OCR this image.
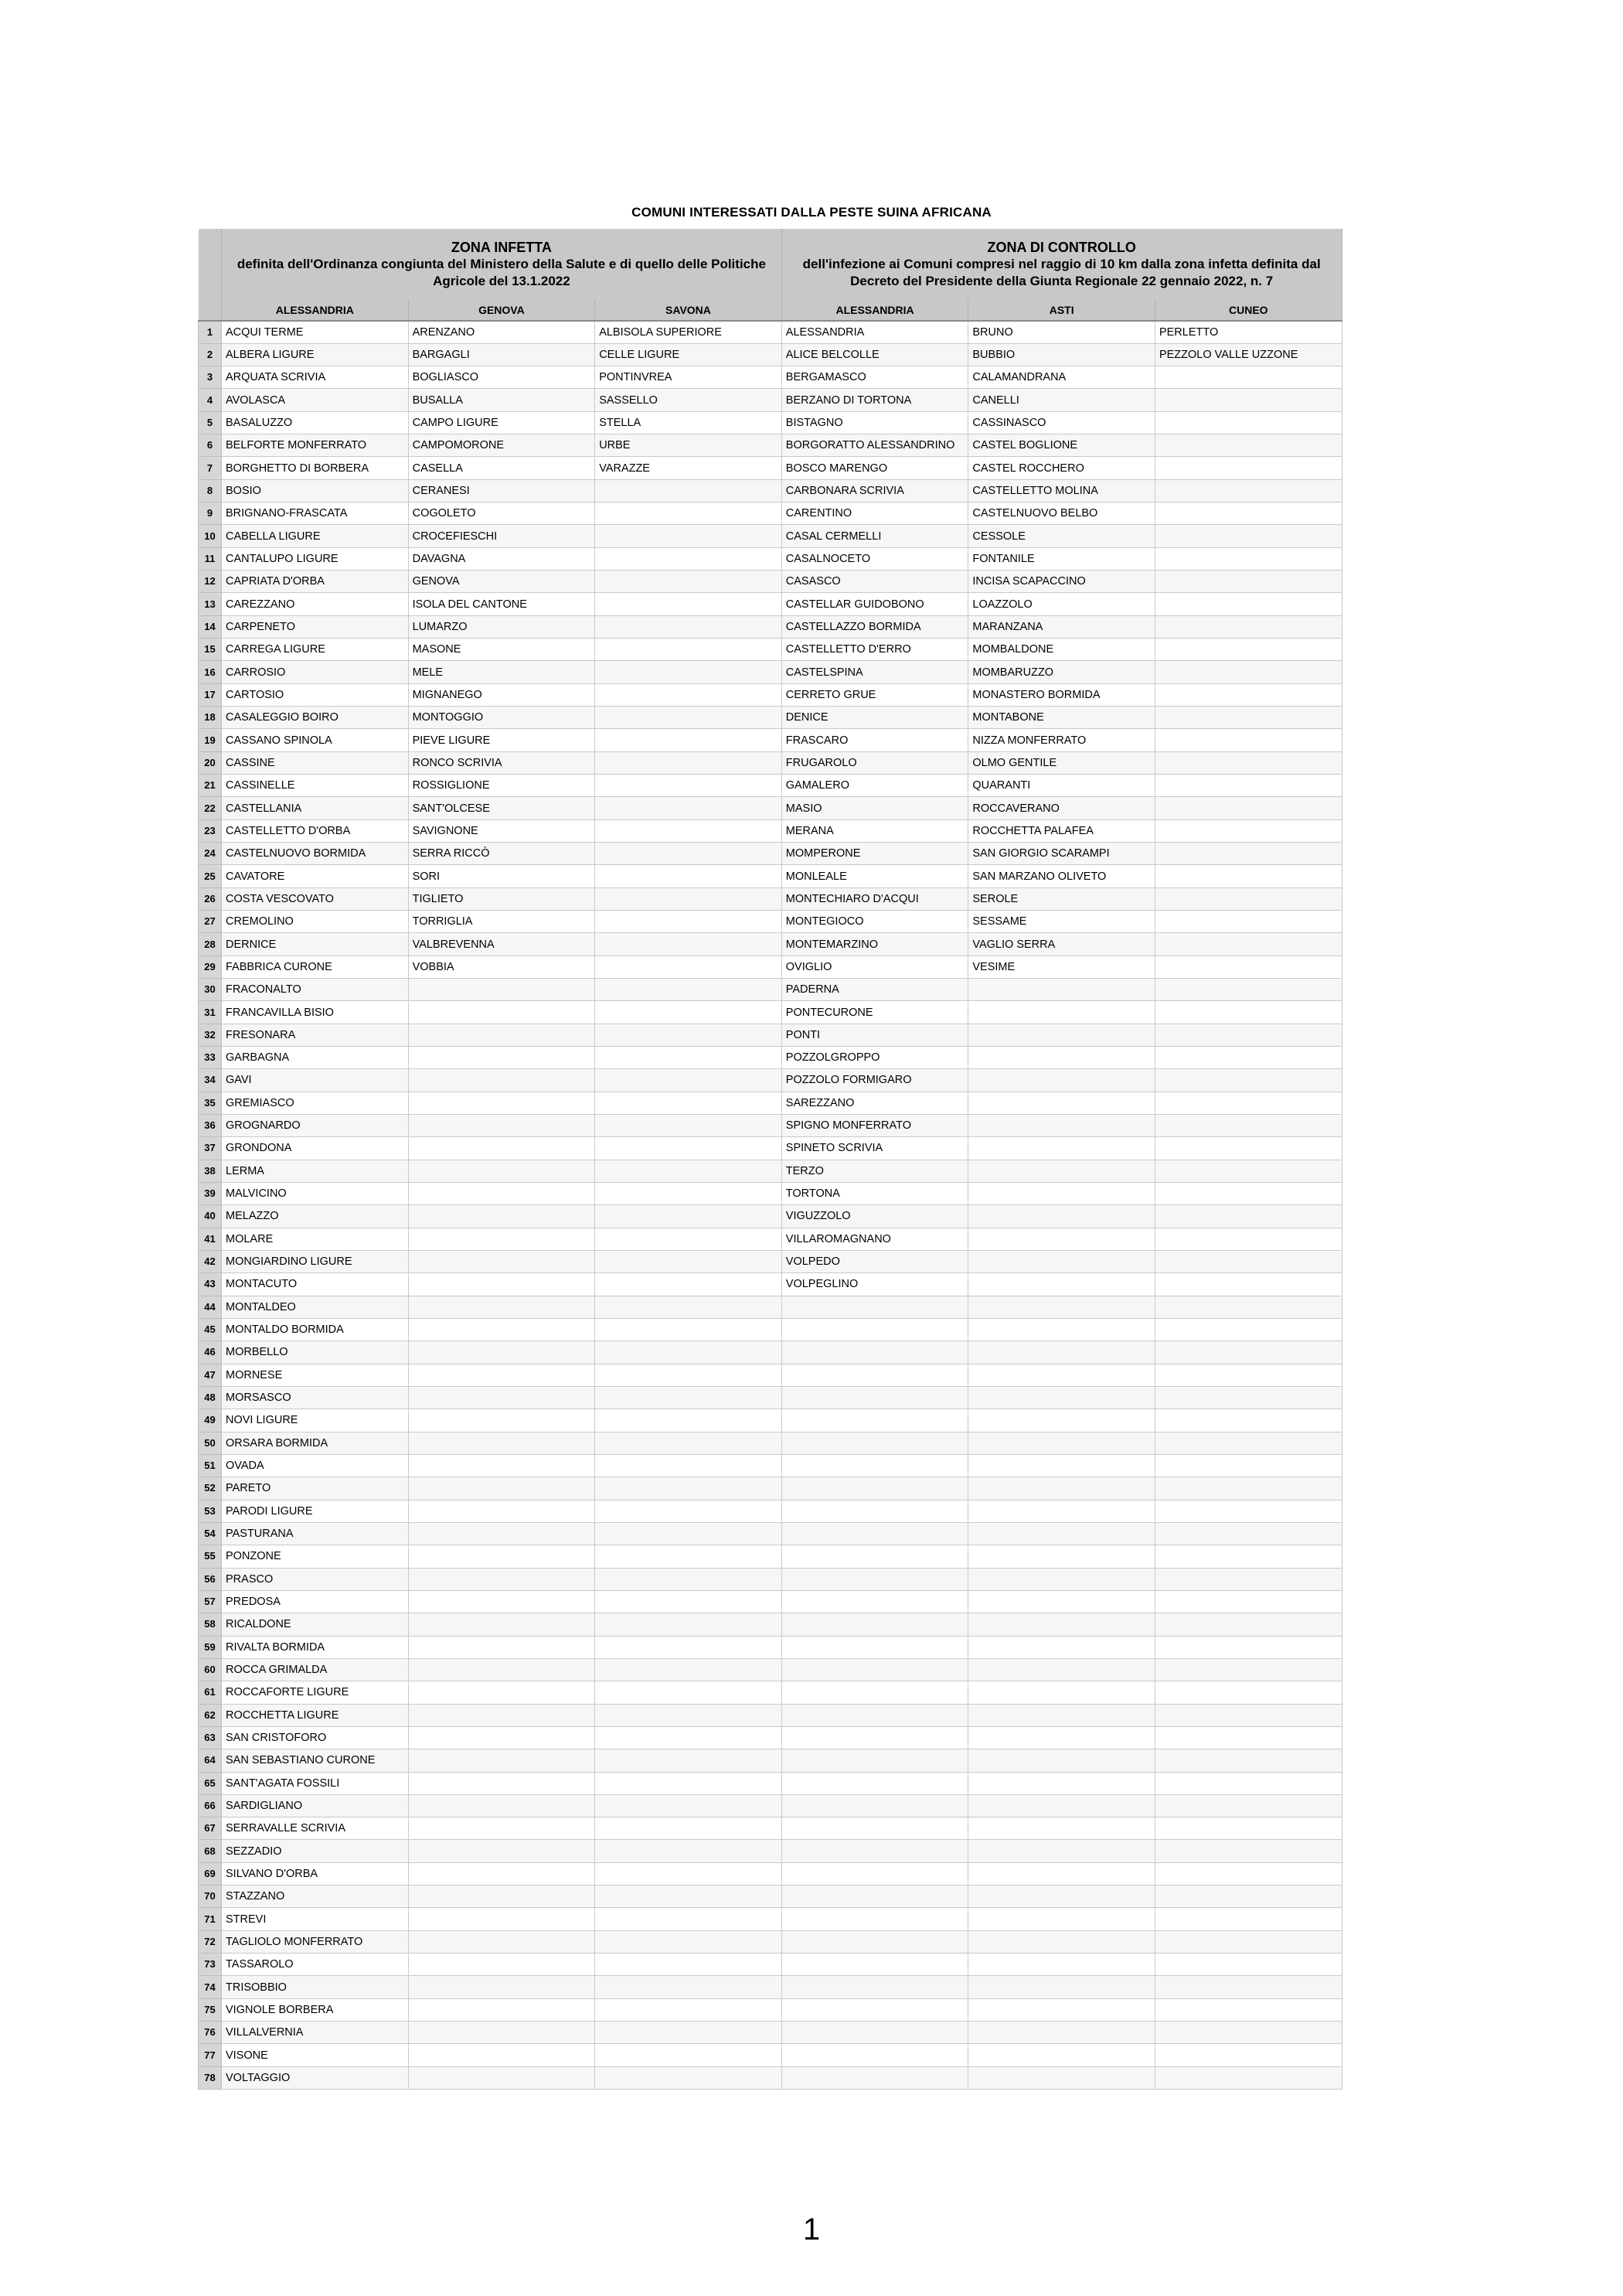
COMUNI INTERESSATI DALLA PESTE SUINA AFRICANA

	ZONA INFETTA
definita dell'Ordinanza congiunta del Ministero della Salute e di quello delle Politiche Agricole del 13.1.2022			ZONA DI CONTROLLO
dell'infezione ai Comuni compresi nel raggio di 10 km dalla zona infetta definita dal Decreto del Presidente della Giunta Regionale 22 gennaio 2022, n. 7		
	ALESSANDRIA	GENOVA	SAVONA	ALESSANDRIA	ASTI	CUNEO
1	ACQUI TERME	ARENZANO	ALBISOLA SUPERIORE	ALESSANDRIA	BRUNO	PERLETTO
2	ALBERA LIGURE	BARGAGLI	CELLE LIGURE	ALICE BELCOLLE	BUBBIO	PEZZOLO VALLE UZZONE
3	ARQUATA SCRIVIA	BOGLIASCO	PONTINVREA	BERGAMASCO	CALAMANDRANA	
4	AVOLASCA	BUSALLA	SASSELLO	BERZANO DI TORTONA	CANELLI	
5	BASALUZZO	CAMPO LIGURE	STELLA	BISTAGNO	CASSINASCO	
6	BELFORTE MONFERRATO	CAMPOMORONE	URBE	BORGORATTO ALESSANDRINO	CASTEL BOGLIONE	
7	BORGHETTO DI BORBERA	CASELLA	VARAZZE	BOSCO MARENGO	CASTEL ROCCHERO	
8	BOSIO	CERANESI		CARBONARA SCRIVIA	CASTELLETTO MOLINA	
9	BRIGNANO-FRASCATA	COGOLETO		CARENTINO	CASTELNUOVO BELBO	
10	CABELLA LIGURE	CROCEFIESCHI		CASAL CERMELLI	CESSOLE	
11	CANTALUPO LIGURE	DAVAGNA		CASALNOCETO	FONTANILE	
12	CAPRIATA D'ORBA	GENOVA		CASASCO	INCISA SCAPACCINO	
13	CAREZZANO	ISOLA DEL CANTONE		CASTELLAR GUIDOBONO	LOAZZOLO	
14	CARPENETO	LUMARZO		CASTELLAZZO BORMIDA	MARANZANA	
15	CARREGA LIGURE	MASONE		CASTELLETTO D'ERRO	MOMBALDONE	
16	CARROSIO	MELE		CASTELSPINA	MOMBARUZZO	
17	CARTOSIO	MIGNANEGO		CERRETO GRUE	MONASTERO BORMIDA	
18	CASALEGGIO BOIRO	MONTOGGIO		DENICE	MONTABONE	
19	CASSANO SPINOLA	PIEVE LIGURE		FRASCARO	NIZZA MONFERRATO	
20	CASSINE	RONCO SCRIVIA		FRUGAROLO	OLMO GENTILE	
21	CASSINELLE	ROSSIGLIONE		GAMALERO	QUARANTI	
22	CASTELLANIA	SANT'OLCESE		MASIO	ROCCAVERANO	
23	CASTELLETTO D'ORBA	SAVIGNONE		MERANA	ROCCHETTA PALAFEA	
24	CASTELNUOVO BORMIDA	SERRA RICCÒ		MOMPERONE	SAN GIORGIO SCARAMPI	
25	CAVATORE	SORI		MONLEALE	SAN MARZANO OLIVETO	
26	COSTA VESCOVATO	TIGLIETO		MONTECHIARO D'ACQUI	SEROLE	
27	CREMOLINO	TORRIGLIA		MONTEGIOCO	SESSAME	
28	DERNICE	VALBREVENNA		MONTEMARZINO	VAGLIO SERRA	
29	FABBRICA CURONE	VOBBIA		OVIGLIO	VESIME	
30	FRACONALTO			PADERNA		
31	FRANCAVILLA BISIO			PONTECURONE		
32	FRESONARA			PONTI		
33	GARBAGNA			POZZOLGROPPO		
34	GAVI			POZZOLO FORMIGARO		
35	GREMIASCO			SAREZZANO		
36	GROGNARDO			SPIGNO MONFERRATO		
37	GRONDONA			SPINETO SCRIVIA		
38	LERMA			TERZO		
39	MALVICINO			TORTONA		
40	MELAZZO			VIGUZZOLO		
41	MOLARE			VILLAROMAGNANO		
42	MONGIARDINO LIGURE			VOLPEDO		
43	MONTACUTO			VOLPEGLINO		
44	MONTALDEO					
45	MONTALDO BORMIDA					
46	MORBELLO					
47	MORNESE					
48	MORSASCO					
49	NOVI LIGURE					
50	ORSARA BORMIDA					
51	OVADA					
52	PARETO					
53	PARODI LIGURE					
54	PASTURANA					
55	PONZONE					
56	PRASCO					
57	PREDOSA					
58	RICALDONE					
59	RIVALTA BORMIDA					
60	ROCCA GRIMALDA					
61	ROCCAFORTE LIGURE					
62	ROCCHETTA LIGURE					
63	SAN CRISTOFORO					
64	SAN SEBASTIANO CURONE					
65	SANT'AGATA FOSSILI					
66	SARDIGLIANO					
67	SERRAVALLE SCRIVIA					
68	SEZZADIO					
69	SILVANO D'ORBA					
70	STAZZANO					
71	STREVI					
72	TAGLIOLO MONFERRATO					
73	TASSAROLO					
74	TRISOBBIO					
75	VIGNOLE BORBERA					
76	VILLALVERNIA					
77	VISONE					
78	VOLTAGGIO					
1
